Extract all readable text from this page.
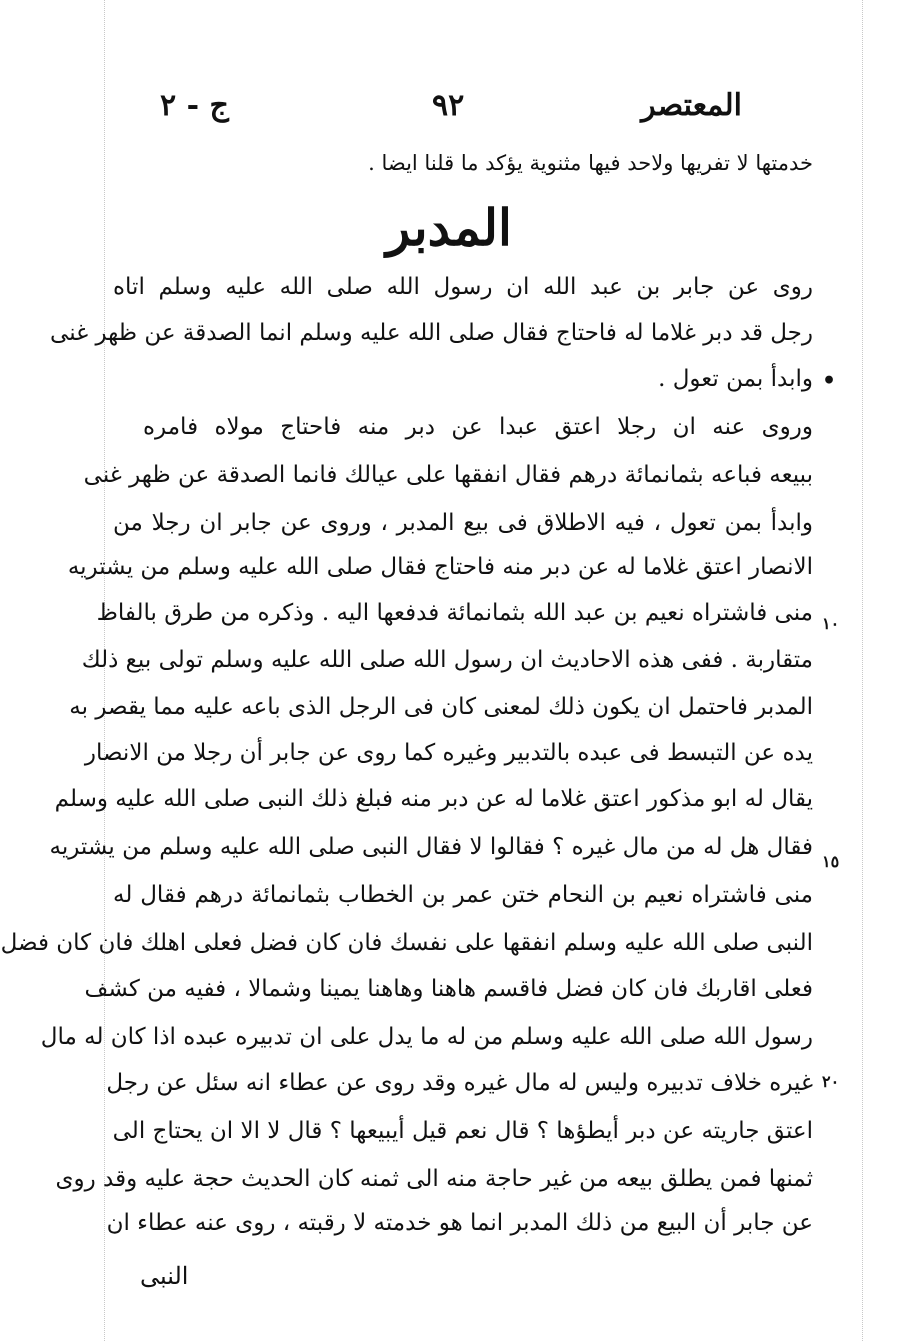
المعتصر
٩٢
ج - ٢
خدمتها لا تفريها ولاحد فيها مثنوية يؤكد ما قلنا ايضا .
المدبر
روى عن جابر بن عبد الله ان رسول الله صلى الله عليه وسلم اتاه
رجل قد دبر غلاما له فاحتاج فقال صلى الله عليه وسلم انما الصدقة عن ظهر غنى
وابدأ بمن تعول .
وروى عنه ان رجلا اعتق عبدا عن دبر منه فاحتاج مولاه فامره
ببيعه فباعه بثمانمائة درهم فقال انفقها على عيالك فانما الصدقة عن ظهر غنى
وابدأ بمن تعول ، فيه الاطلاق فى بيع المدبر ، وروى عن جابر ان رجلا من
الانصار اعتق غلاما له عن دبر منه فاحتاج فقال صلى الله عليه وسلم من يشتريه
منى فاشتراه نعيم بن عبد الله بثمانمائة فدفعها اليه . وذكره من طرق بالفاظ
متقاربة . ففى هذه الاحاديث ان رسول الله صلى الله عليه وسلم تولى بيع ذلك
المدبر فاحتمل ان يكون ذلك لمعنى كان فى الرجل الذى باعه عليه مما يقصر به
يده عن التبسط فى عبده بالتدبير وغيره كما روى عن جابر أن رجلا من الانصار
يقال له ابو مذكور اعتق غلاما له عن دبر منه فبلغ ذلك النبى صلى الله عليه وسلم
فقال هل له من مال غيره ؟ فقالوا لا فقال النبى صلى الله عليه وسلم من يشتريه
منى فاشتراه نعيم بن النحام ختن عمر بن الخطاب بثمانمائة درهم فقال له
النبى صلى الله عليه وسلم انفقها على نفسك فان كان فضل فعلى اهلك فان كان فضل
فعلى اقاربك فان كان فضل فاقسم هاهنا وهاهنا يمينا وشمالا ، ففيه من كشف
رسول الله صلى الله عليه وسلم من له ما يدل على ان تدبيره عبده اذا كان له مال
غيره خلاف تدبيره وليس له مال غيره وقد روى عن عطاء انه سئل عن رجل
اعتق جاريته عن دبر أيطؤها ؟ قال نعم قيل أيبيعها ؟ قال لا الا ان يحتاج الى
ثمنها فمن يطلق بيعه من غير حاجة منه الى ثمنه كان الحديث حجة عليه وقد روى
عن جابر أن البيع من ذلك المدبر انما هو خدمته لا رقبته ، روى عنه عطاء ان
النبى
•
١٠
١٥
٢٠
